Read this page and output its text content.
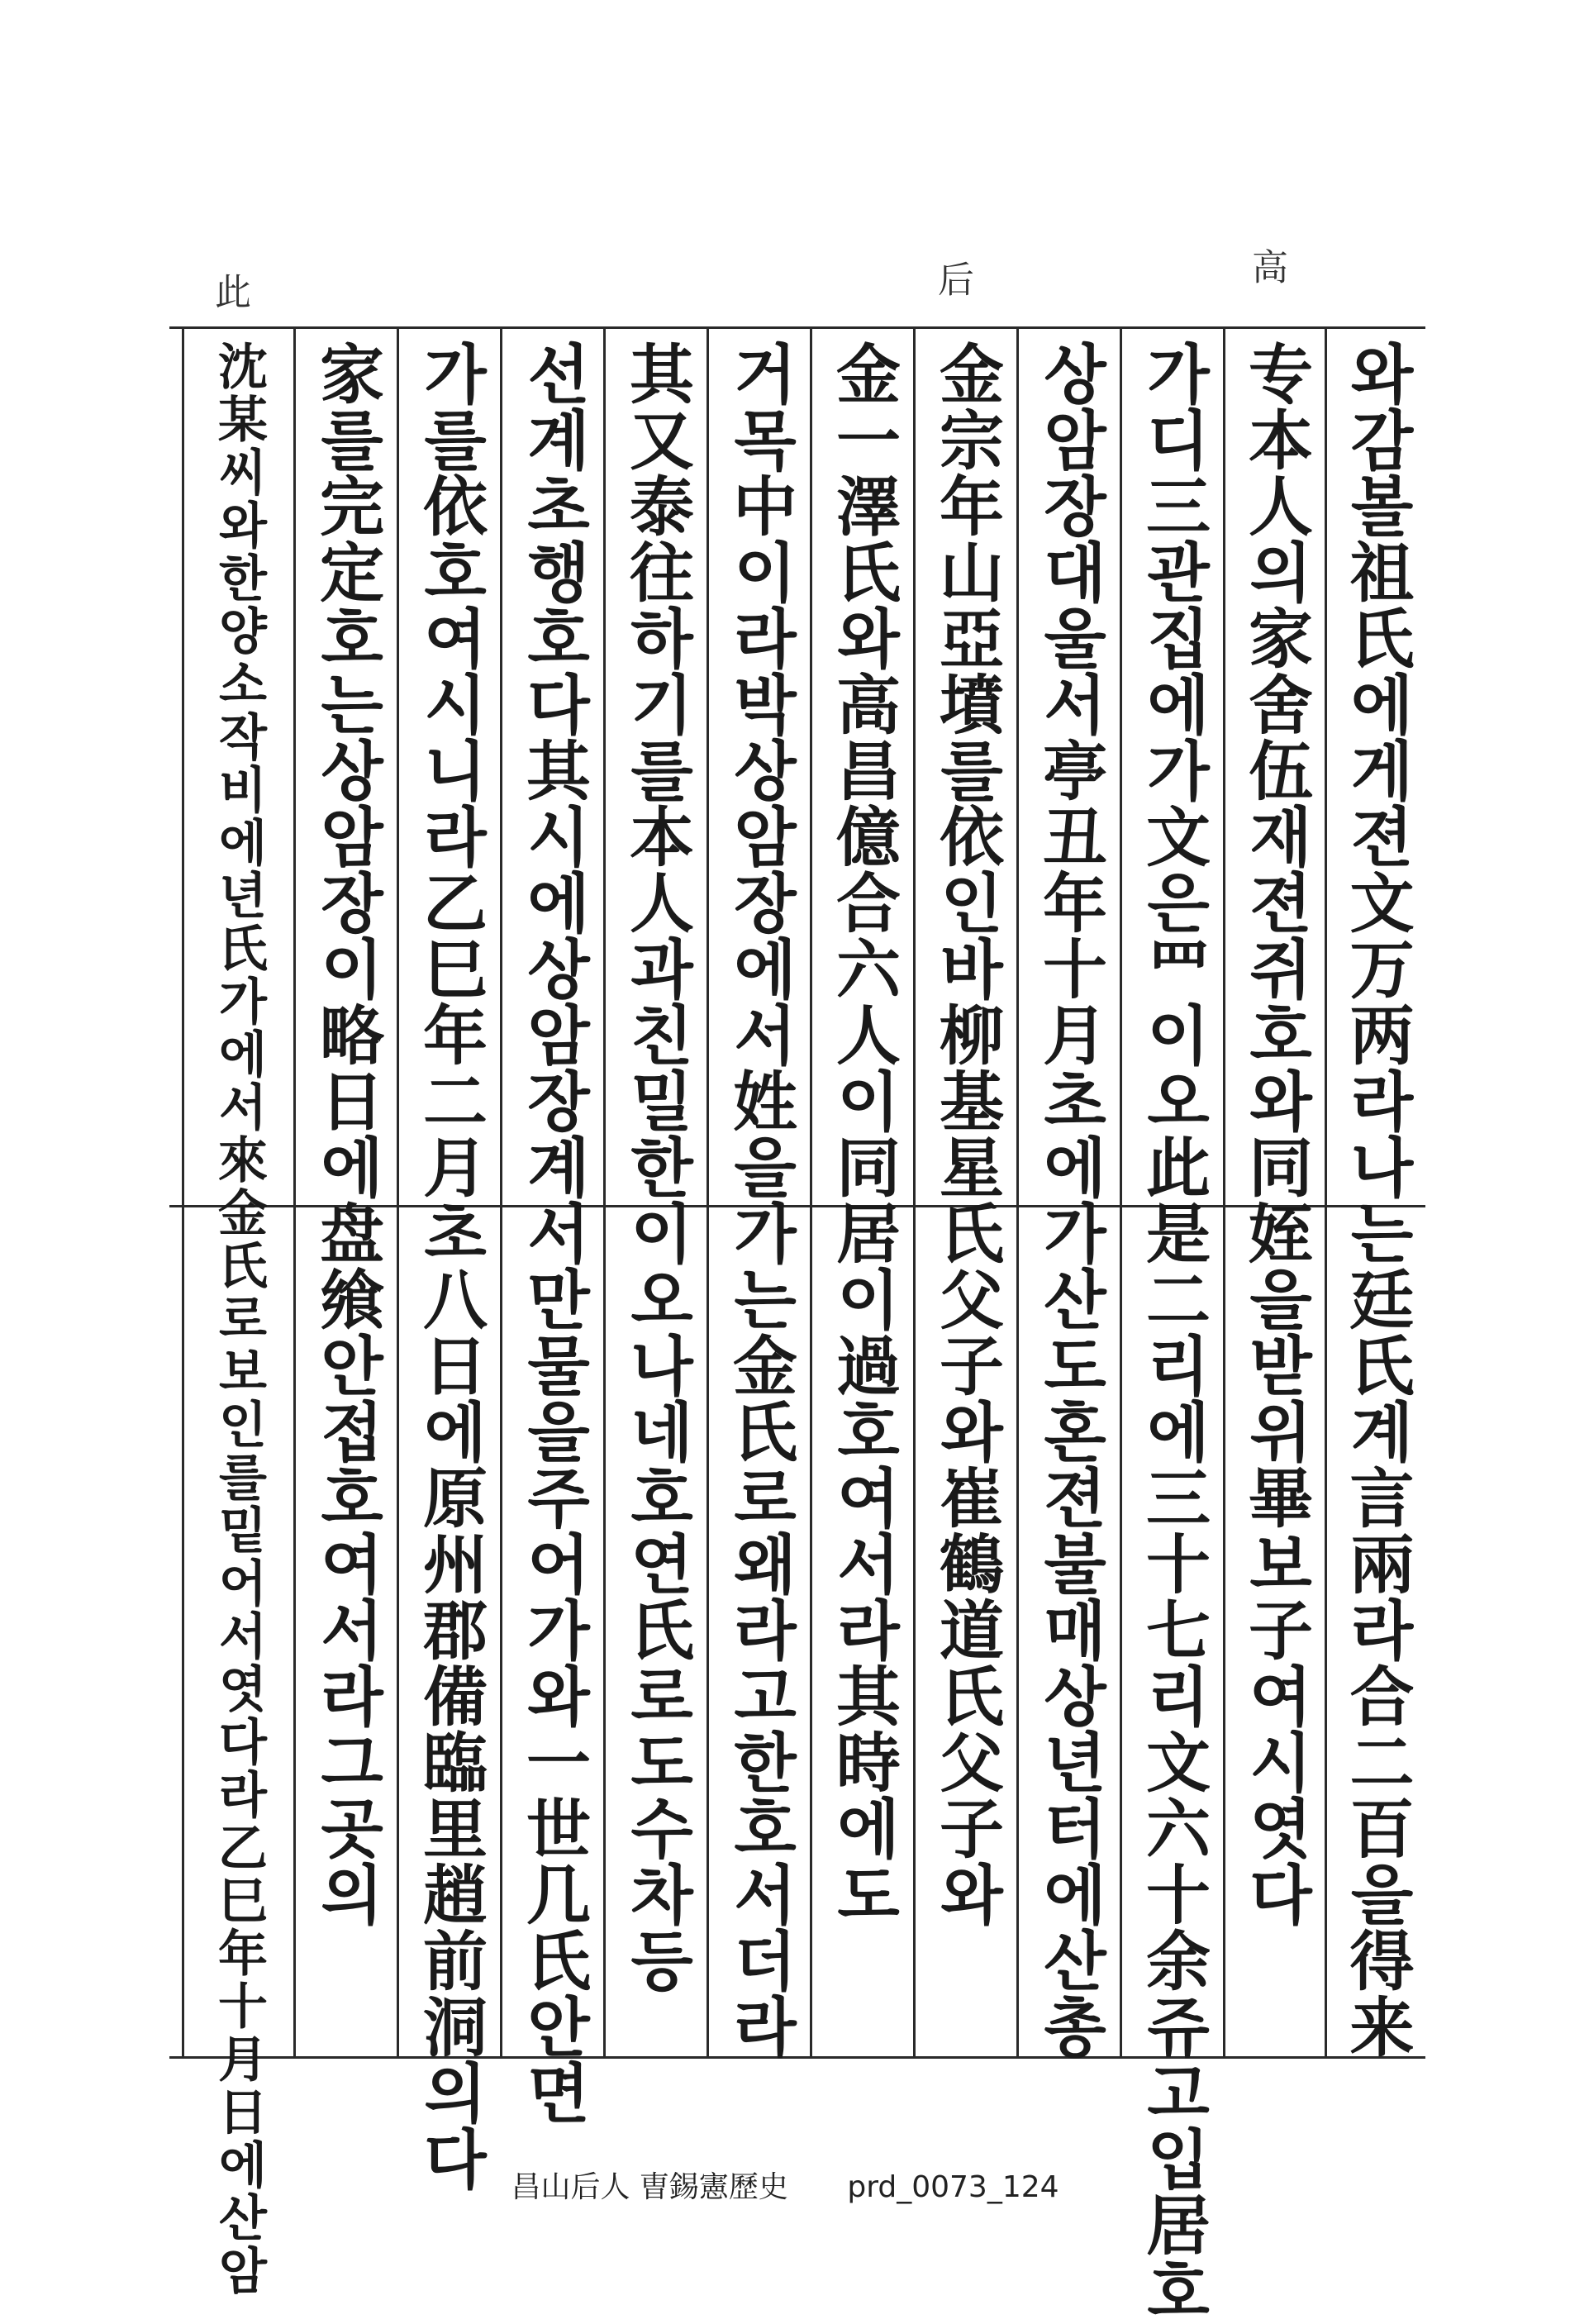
와감볼祖氏에게젼文万两라나는廷氏계言兩라合二百을得来
专本人의家舍伍재젼쥐호와同姪을받위畢보子여시엿다
가디三관집에가文은罒이오此是二리에三十七리文六十余쥬고입居호
상암장대울서亭丑年十月초에가산도혼젼불매상년터에산총
金宗年山亞墳를依인바柳基星氏父子와崔鶴道氏父子와
金一澤氏와高昌億合六人이同居이過호여서라其時에도
거목中이라박상암장에서姓을가는金氏로왜라고한호서더라
其又泰往하기를本人과친밀한이오나네호연氏로도수차등
선계초행호다其시에상암장계서만물을주어가와一世几氏안면
가를依호여시니라乙巳年二月초八日에原州郡備臨里趙前洞의다
家를完定호는상암장이略日에盘飨안접호여서라그곳의
沈某씨와한양소작비에년氏가에서來金氏로보인를밑어서엿다라乙巳年十月日에산암
高
后
此
昌山后人 曺錫憲歷史 prd_0073_124
